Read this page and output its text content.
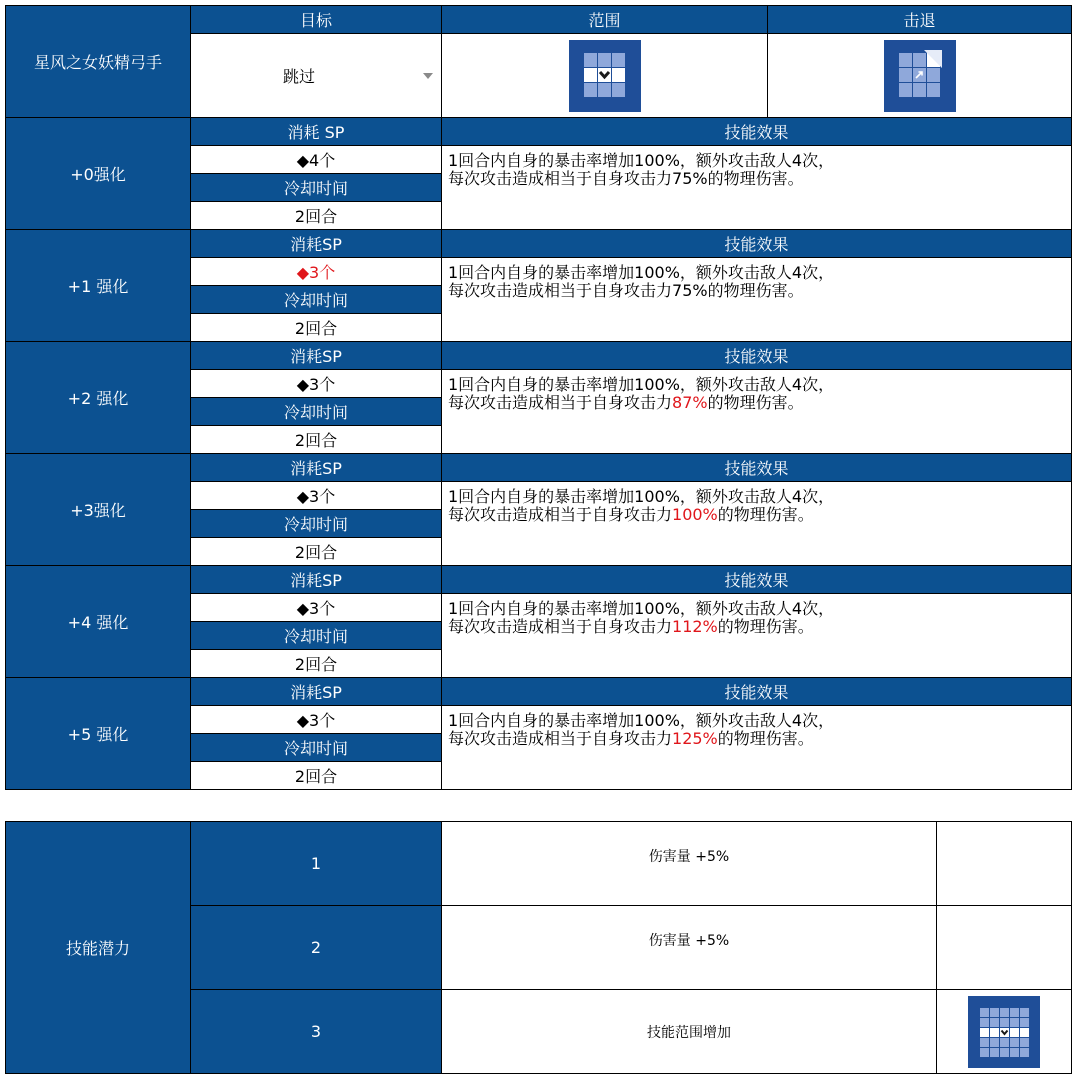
星风之女妖精弓手	目标	范围	击退

	跳过

+0强化	消耗 SP	技能效果	
	◆4个	1回合内自身的暴击率增加100%，额外攻击敌人4次，
每次攻击造成相当于自身攻击力75%的物理伤害。	

	冷却时间		
	2回合		
+1 强化	消耗SP	技能效果	
	◆3个	1回合内自身的暴击率增加100%，额外攻击敌人4次，
每次攻击造成相当于自身攻击力75%的物理伤害。	

	冷却时间		
	2回合		
+2 强化	消耗SP	技能效果	
	◆3个	1回合内自身的暴击率增加100%，额外攻击敌人4次，
每次攻击造成相当于自身攻击力87%的物理伤害。	

	冷却时间		
	2回合		
+3强化	消耗SP	技能效果	
	◆3个	1回合内自身的暴击率增加100%，额外攻击敌人4次，
每次攻击造成相当于自身攻击力100%的物理伤害。	

	冷却时间		
	2回合		
+4 强化	消耗SP	技能效果	
	◆3个	1回合内自身的暴击率增加100%，额外攻击敌人4次，
每次攻击造成相当于自身攻击力112%的物理伤害。	

	冷却时间		
	2回合		
+5 强化	消耗SP	技能效果	
	◆3个	1回合内自身的暴击率增加100%，额外攻击敌人4次，
每次攻击造成相当于自身攻击力125%的物理伤害。	

	冷却时间		
	2回合		
技能潜力	1	伤害量 +5%	
	2	伤害量 +5%	
	3	技能范围增加	
